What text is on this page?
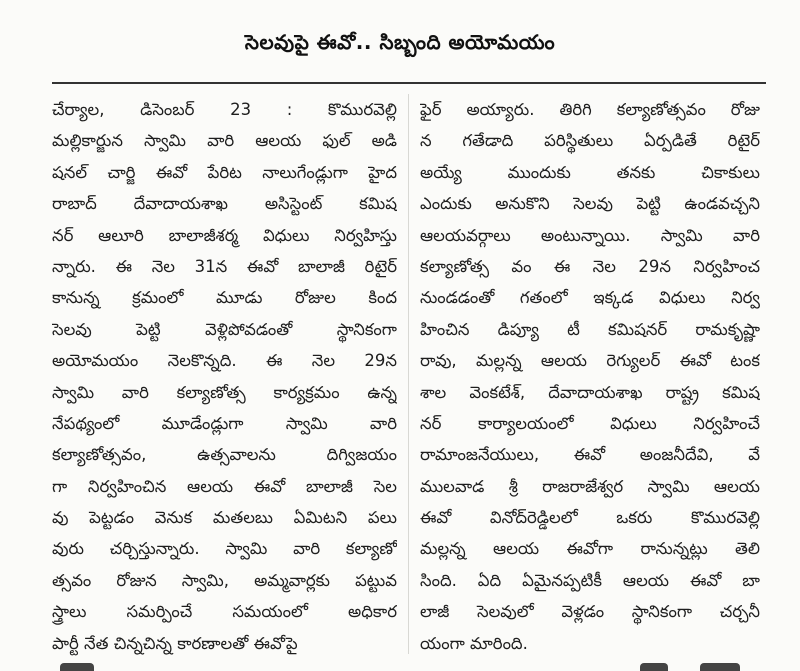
సెలవుపై ఈవో.. సిబ్బంది అయోమయం
చేర్యాల, డిసెంబర్ 23 : కొమురవెల్లి
మల్లికార్జున స్వామి వారి ఆలయ ఫుల్ అడి
షనల్ చార్జి ఈవో పేరిట నాలుగేండ్లుగా హైద
రాబాద్ దేవాదాయశాఖ అసిస్టెంట్ కమిష
నర్ ఆలూరి బాలాజీశర్మ విధులు నిర్వహిస్తు
న్నారు. ఈ నెల 31న ఈవో బాలాజీ రిటైర్
కానున్న క్రమంలో మూడు రోజుల కింద
సెలవు పెట్టి వెళ్లిపోవడంతో స్థానికంగా
అయోమయం నెలకొన్నది. ఈ నెల 29న
స్వామి వారి కల్యాణోత్స కార్యక్రమం ఉన్న
నేపథ్యంలో మూడేండ్లుగా స్వామి వారి
కల్యాణోత్సవం, ఉత్సవాలను దిగ్విజయం
గా నిర్వహించిన ఆలయ ఈవో బాలాజీ సెల
వు పెట్టడం వెనుక మతలబు ఏమిటని పలు
వురు చర్చిస్తున్నారు. స్వామి వారి కల్యాణో
త్సవం రోజున స్వామి, అమ్మవార్లకు పట్టువ
స్త్రాలు సమర్పించే సమయంలో అధికార
పార్టీ నేత చిన్నచిన్న కారణాలతో ఈవోపై
ఫైర్ అయ్యారు. తిరిగి కల్యాణోత్సవం రోజు
న గతేడాది పరిస్థితులు ఏర్పడితే రిటైర్
అయ్యే ముందుకు తనకు చికాకులు
ఎందుకు అనుకొని సెలవు పెట్టి ఉండవచ్చని
ఆలయవర్గాలు అంటున్నాయి. స్వామి వారి
కల్యాణోత్స వం ఈ నెల 29న నిర్వహించ
నుండడంతో గతంలో ఇక్కడ విధులు నిర్వ
హించిన డిప్యూ టీ కమిషనర్ రామకృష్ణా
రావు, మల్లన్న ఆలయ రెగ్యులర్ ఈవో టంక
శాల వెంకటేశ్, దేవాదాయశాఖ రాష్ట్ర కమిష
నర్ కార్యాలయంలో విధులు నిర్వహించే
రామాంజనేయులు, ఈవో అంజనీదేవి, వే
ములవాడ శ్రీ రాజరాజేశ్వర స్వామి ఆలయ
ఈవో వినోద్‌రెడ్డిలలో ఒకరు కొమురవెల్లి
మల్లన్న ఆలయ ఈవోగా రానున్నట్లు తెలి
సింది. ఏది ఏమైనప్పటికీ ఆలయ ఈవో బా
లాజీ సెలవులో వెళ్లడం స్థానికంగా చర్చనీ
యంగా మారింది.
